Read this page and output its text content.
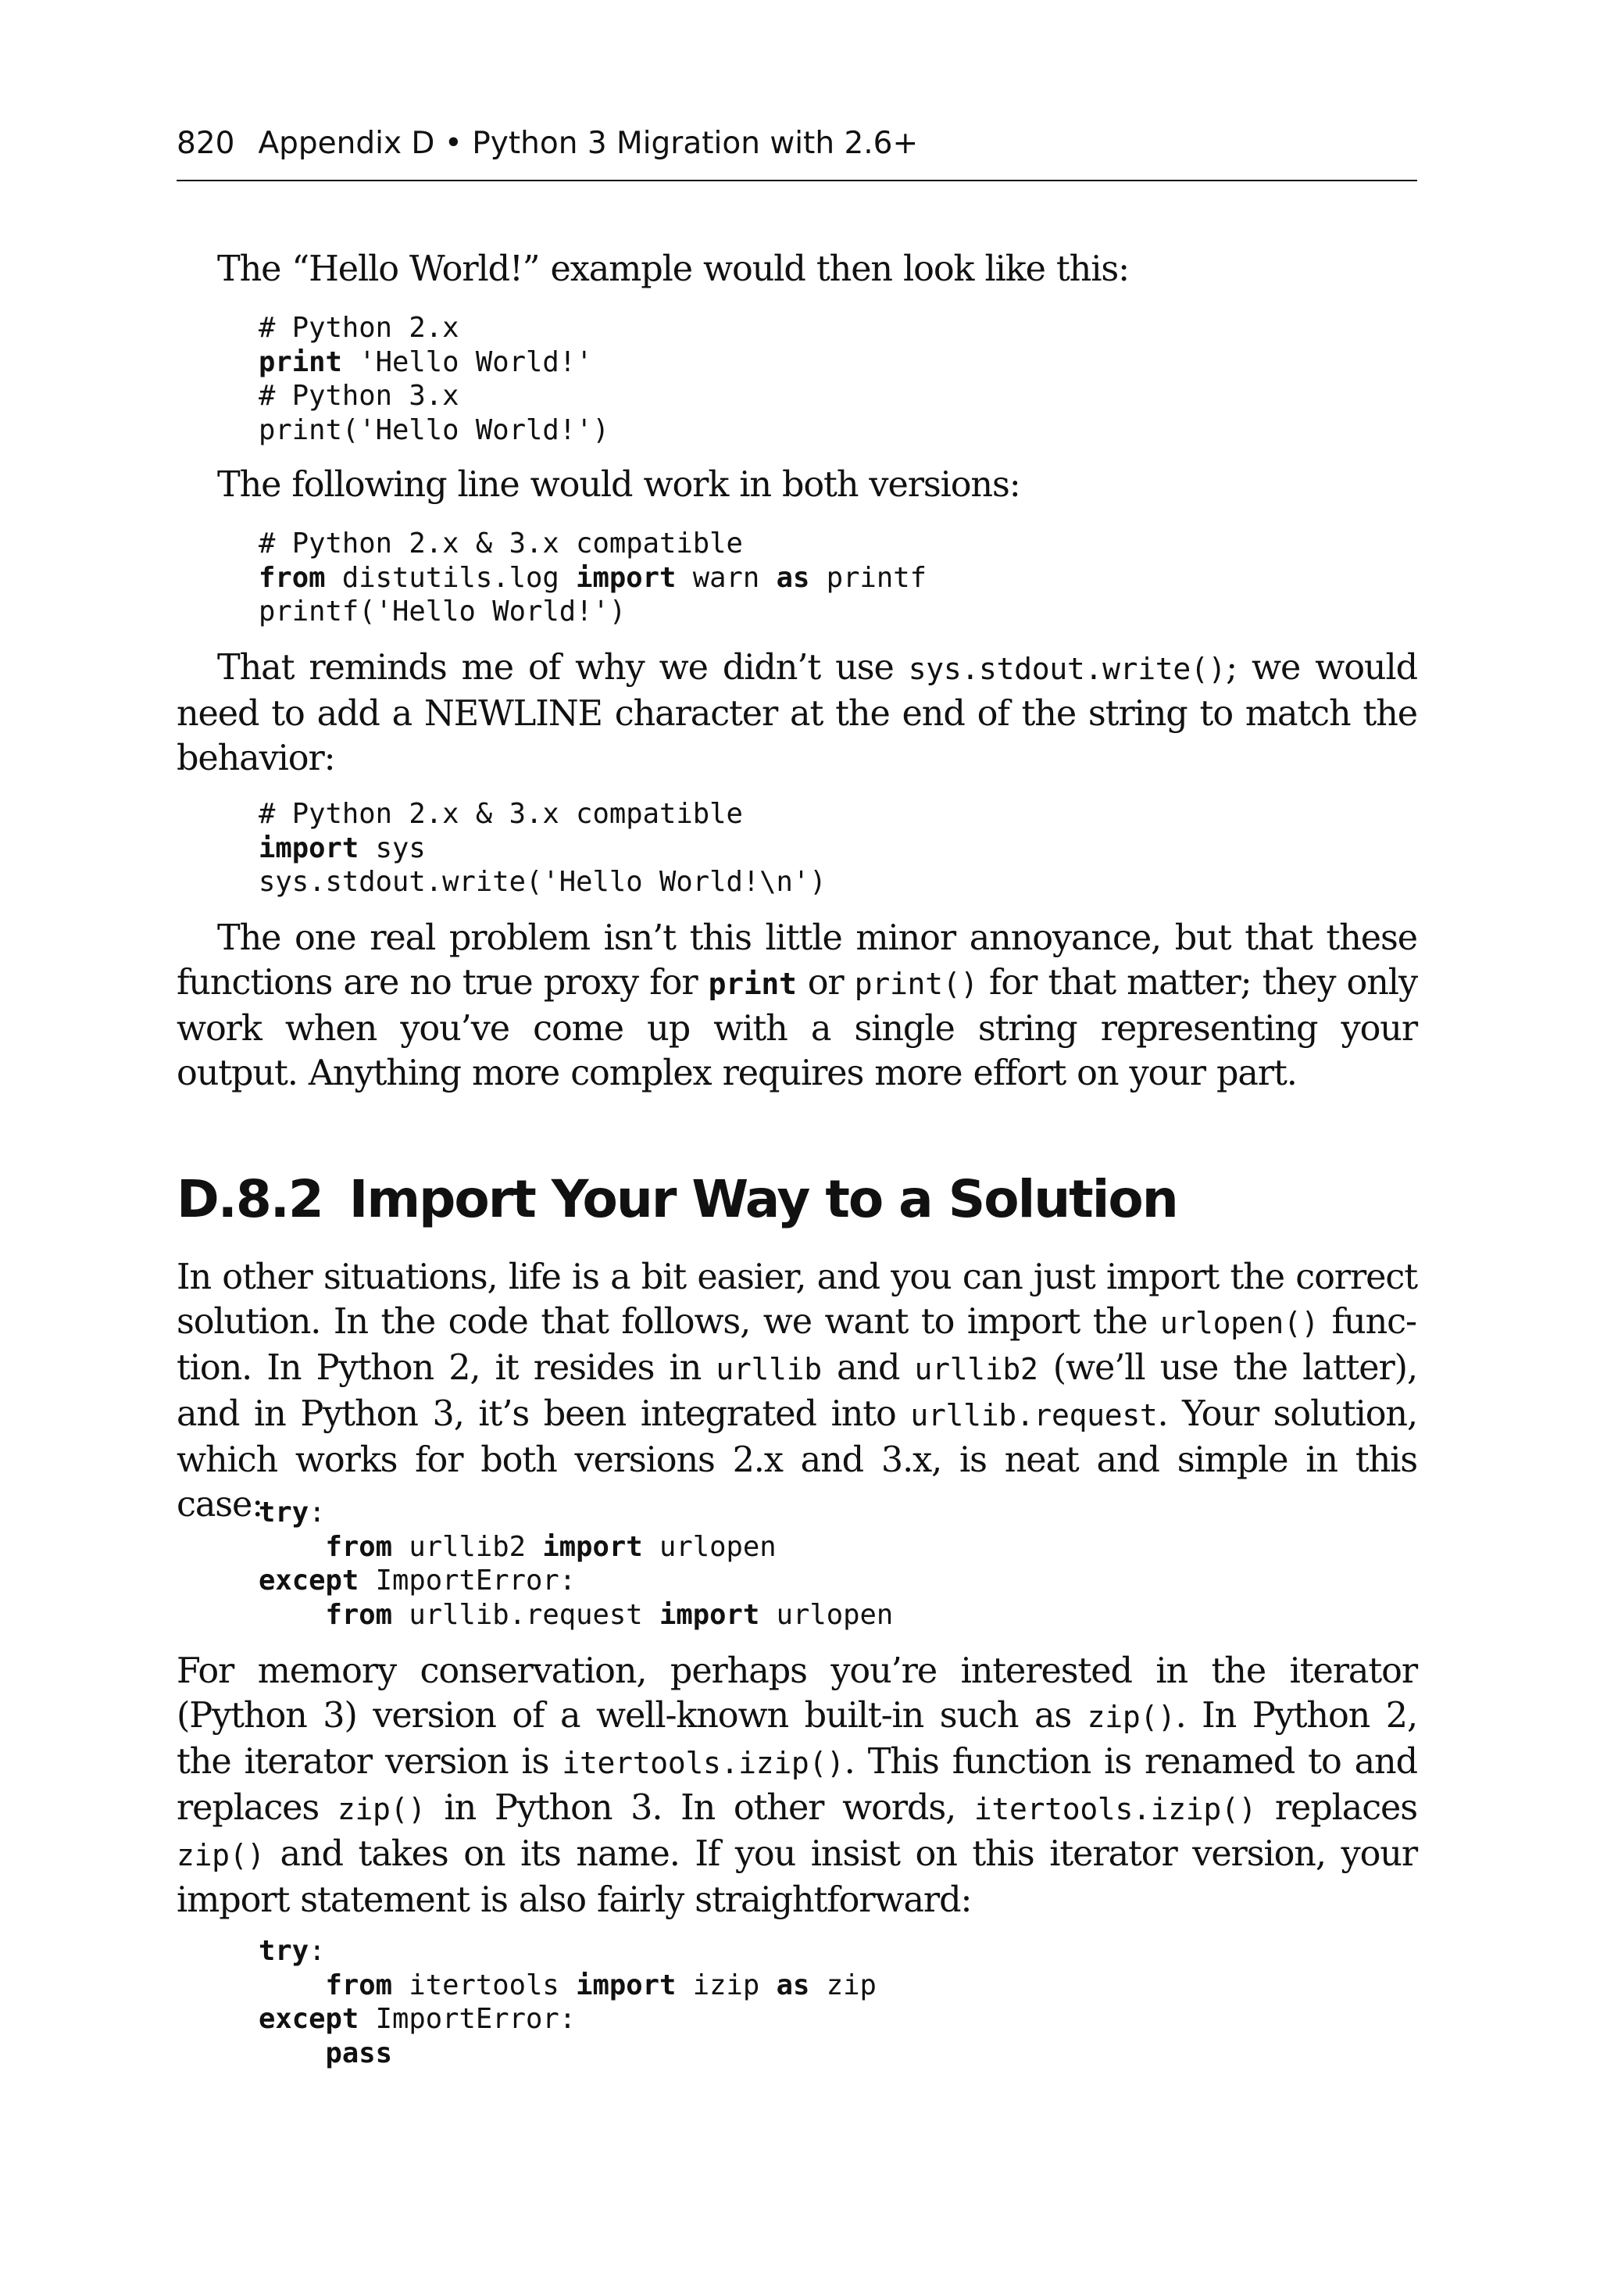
820 Appendix D • Python 3 Migration with 2.6+

The “Hello World!” example would then look like this:

# Python 2.x
print 'Hello World!'
# Python 3.x
print('Hello World!')

The following line would work in both versions:

# Python 2.x & 3.x compatible
from distutils.log import warn as printf
printf('Hello World!')

That reminds me of why we didn’t use sys.stdout.write(); we would need to add a NEWLINE character at the end of the string to match the behavior:

# Python 2.x & 3.x compatible
import sys
sys.stdout.write('Hello World!\n')

The one real problem isn’t this little minor annoyance, but that these functions are no true proxy for print or print() for that matter; they only work when you’ve come up with a single string representing your output. Anything more complex requires more effort on your part.

D.8.2 Import Your Way to a Solution

In other situations, life is a bit easier, and you can just import the correct solution. In the code that follows, we want to import the urlopen() function. In Python 2, it resides in urllib and urllib2 (we’ll use the latter), and in Python 3, it’s been integrated into urllib.request. Your solution, which works for both versions 2.x and 3.x, is neat and simple in this case:

try:
from urllib2 import urlopen
except ImportError:
from urllib.request import urlopen

For memory conservation, perhaps you’re interested in the iterator (Python 3) version of a well-known built-in such as zip(). In Python 2, the iterator version is itertools.izip(). This function is renamed to and replaces zip() in Python 3. In other words, itertools.izip() replaces zip() and takes on its name. If you insist on this iterator version, your import statement is also fairly straightforward:

try:
from itertools import izip as zip
except ImportError:
pass
